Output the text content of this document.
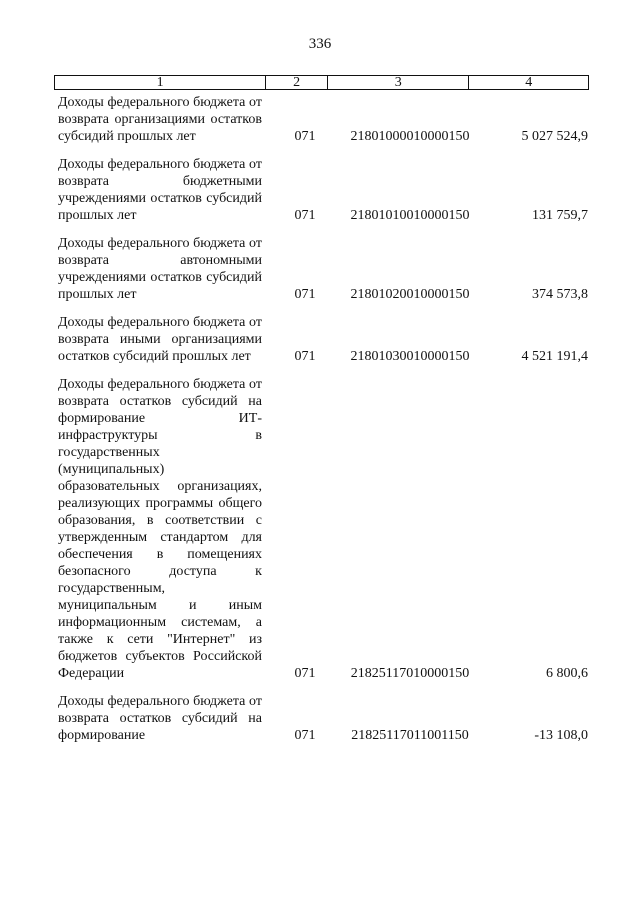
336
1	2	3	4
Доходы федерального бюджета от возврата организациями остатков субсидий прошлых лет	071	21801000010000150	5 027 524,9
Доходы федерального бюджета от возврата бюджетными учреждениями остатков субсидий прошлых лет	071	21801010010000150	131 759,7
Доходы федерального бюджета от возврата автономными учреждениями остатков субсидий прошлых лет	071	21801020010000150	374 573,8
Доходы федерального бюджета от возврата иными организациями остатков субсидий прошлых лет	071	21801030010000150	4 521 191,4
Доходы федерального бюджета от возврата остатков субсидий на формирование ИТ-инфраструктуры в государственных (муниципальных) образовательных организациях, реализующих программы общего образования, в соответствии с утвержденным стандартом для обеспечения в помещениях безопасного доступа к государственным, муниципальным и иным информационным системам, а также к сети "Интернет" из бюджетов субъектов Российской Федерации	071	21825117010000150	6 800,6
Доходы федерального бюджета от возврата остатков субсидий на формирование	071	21825117011001150	-13 108,0
